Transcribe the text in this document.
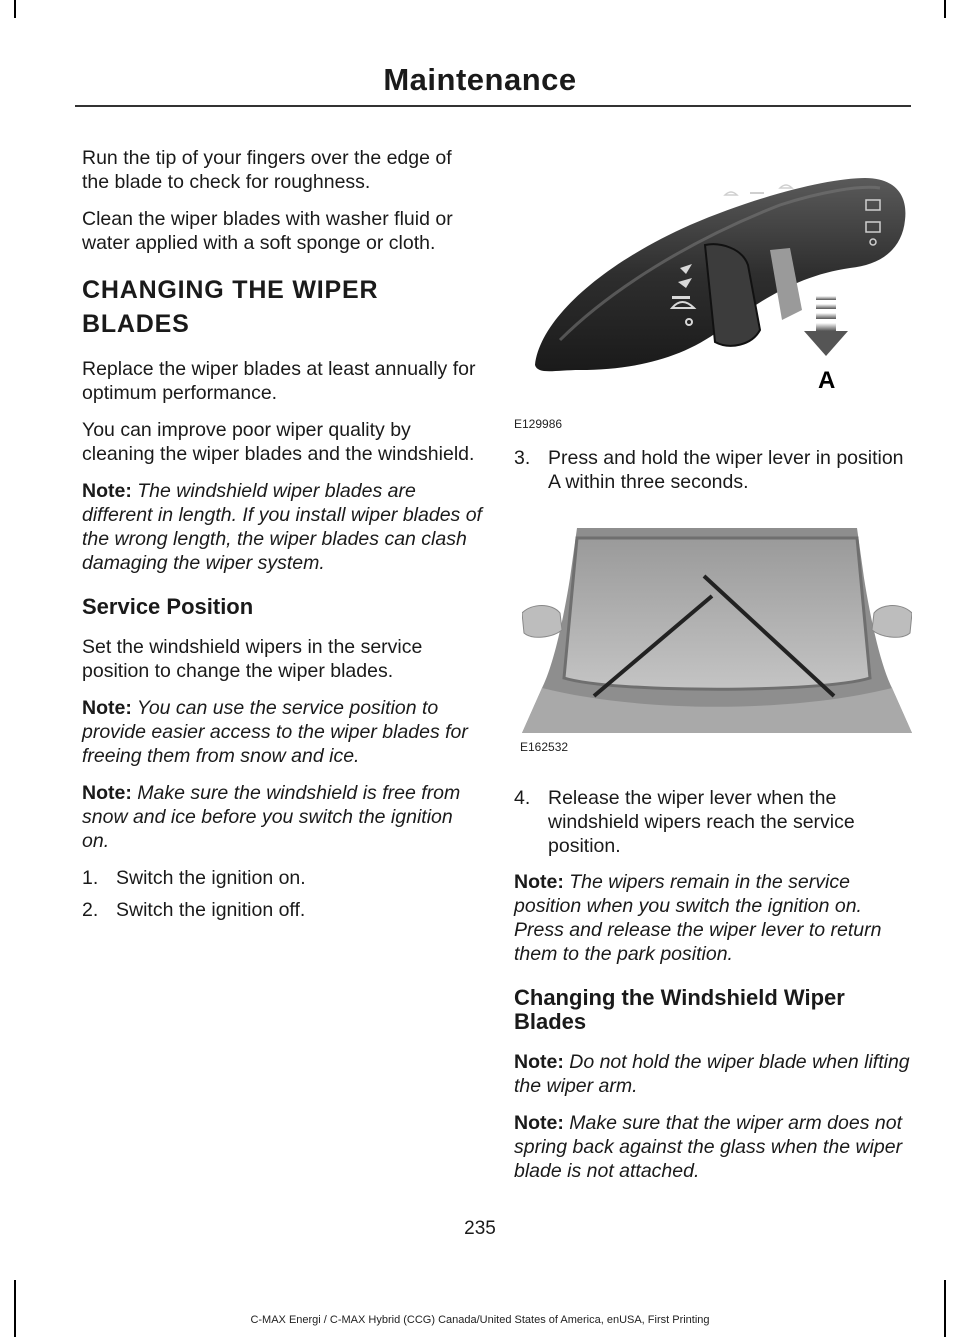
Maintenance

Run the tip of your fingers over the edge of the blade to check for roughness.

Clean the wiper blades with washer fluid or water applied with a soft sponge or cloth.

CHANGING THE WIPER
BLADES

Replace the wiper blades at least annually for optimum performance.

You can improve poor wiper quality by cleaning the wiper blades and the windshield.

Note: The windshield wiper blades are different in length. If you install wiper blades of the wrong length, the wiper blades can clash damaging the wiper system.

Service Position

Set the windshield wipers in the service position to change the wiper blades.

Note: You can use the service position to provide easier access to the wiper blades for freeing them from snow and ice.

Note: Make sure the windshield is free from snow and ice before you switch the ignition on.

1. Switch the ignition on.
2. Switch the ignition off.
A
E129986
E162532
3. Press and hold the wiper lever in position A within three seconds.
4. Release the wiper lever when the windshield wipers reach the service position.

Note: The wipers remain in the service position when you switch the ignition on. Press and release the wiper lever to return them to the park position.

Changing the Windshield Wiper Blades

Note: Do not hold the wiper blade when lifting the wiper arm.

Note: Make sure that the wiper arm does not spring back against the glass when the wiper blade is not attached.

235
C-MAX Energi / C-MAX Hybrid (CCG) Canada/United States of America, enUSA, First Printing
